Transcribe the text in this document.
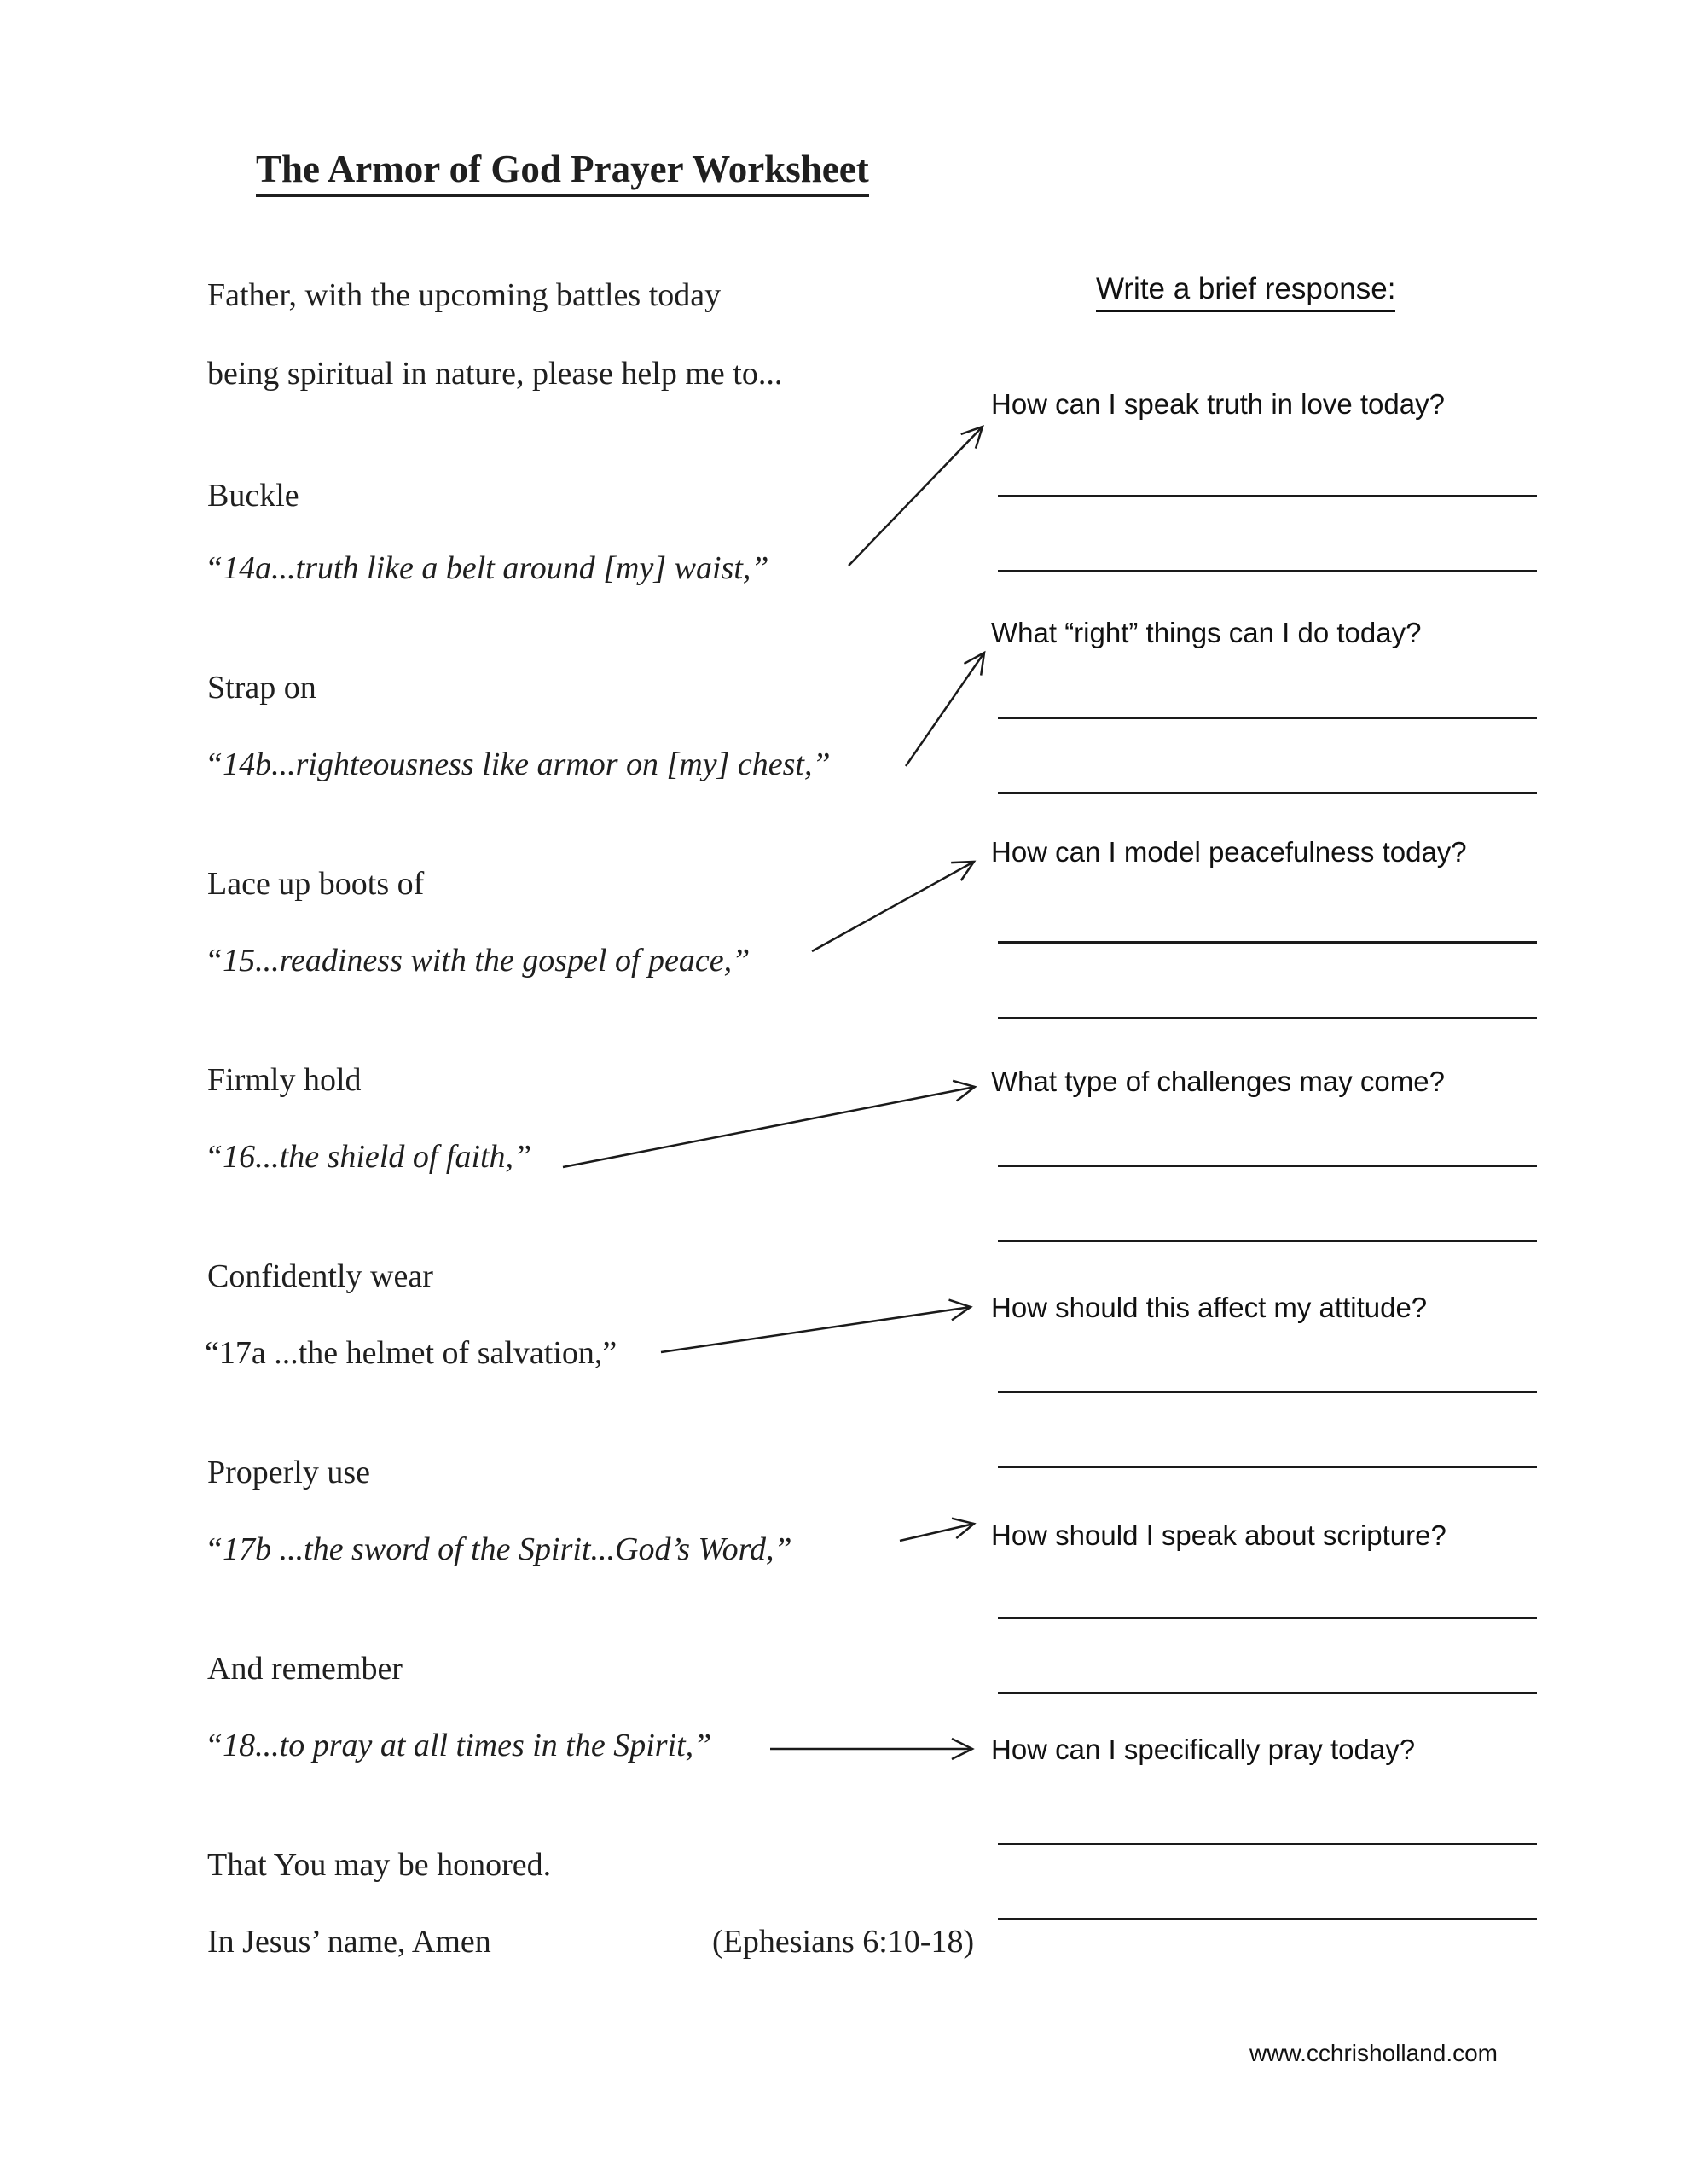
The Armor of God Prayer Worksheet
Father, with the upcoming battles today
being spiritual in nature, please help me to...
Write a brief response:
Buckle
“14a...truth like a belt around [my] waist,”
How can I speak truth in love today?
Strap on
“14b...righteousness like armor on [my] chest,”
What “right” things can I do today?
Lace up boots of
“15...readiness with the gospel of peace,”
How can I model peacefulness today?
Firmly hold
“16...the shield of faith,”
What type of challenges may come?
Confidently wear
“17a ...the helmet of salvation,”
How should this affect my attitude?
Properly use
“17b ...the sword of the Spirit...God’s Word,”	How should I speak about scripture?
And remember
“18...to pray at all times in the Spirit,”	How can I specifically pray today?
That You may be honored.
In Jesus’ name, Amen	(Ephesians 6:10-18)
www.cchrisholland.com
